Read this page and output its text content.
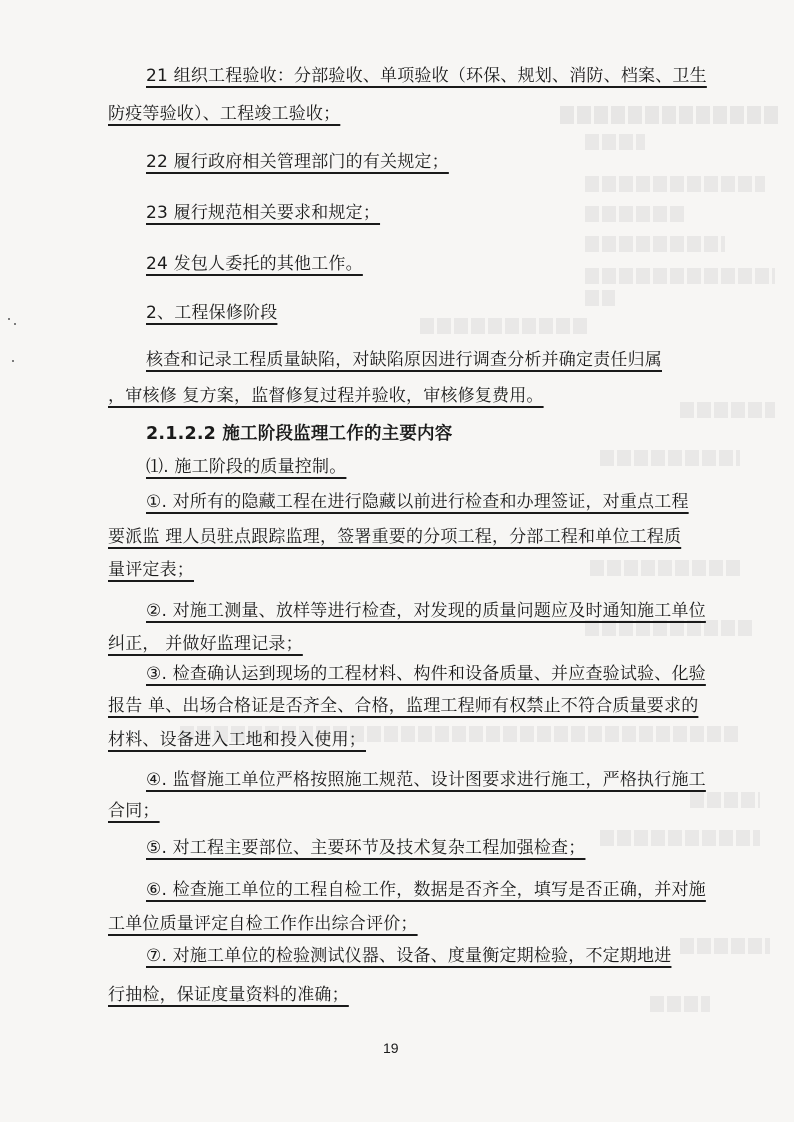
21 组织工程验收：分部验收、单项验收（环保、规划、消防、档案、卫生
防疫等验收）、工程竣工验收；
22 履行政府相关管理部门的有关规定；
23 履行规范相关要求和规定；
24 发包人委托的其他工作。
2、工程保修阶段
核查和记录工程质量缺陷，对缺陷原因进行调查分析并确定责任归属
，审核修 复方案，监督修复过程并验收，审核修复费用。
2.1.2.2 施工阶段监理工作的主要内容
⑴. 施工阶段的质量控制。
①. 对所有的隐藏工程在进行隐藏以前进行检查和办理签证，对重点工程
要派监 理人员驻点跟踪监理，签署重要的分项工程，分部工程和单位工程质
量评定表；
②. 对施工测量、放样等进行检查，对发现的质量问题应及时通知施工单位
纠正， 并做好监理记录；
③. 检查确认运到现场的工程材料、构件和设备质量、并应查验试验、化验
报告 单、出场合格证是否齐全、合格，监理工程师有权禁止不符合质量要求的
材料、设备进入工地和投入使用；
④. 监督施工单位严格按照施工规范、设计图要求进行施工，严格执行施工
合同；
⑤. 对工程主要部位、主要环节及技术复杂工程加强检查；
⑥. 检查施工单位的工程自检工作，数据是否齐全，填写是否正确，并对施
工单位质量评定自检工作作出综合评价；
⑦. 对施工单位的检验测试仪器、设备、度量衡定期检验，不定期地进
行抽检，保证度量资料的准确；
19
